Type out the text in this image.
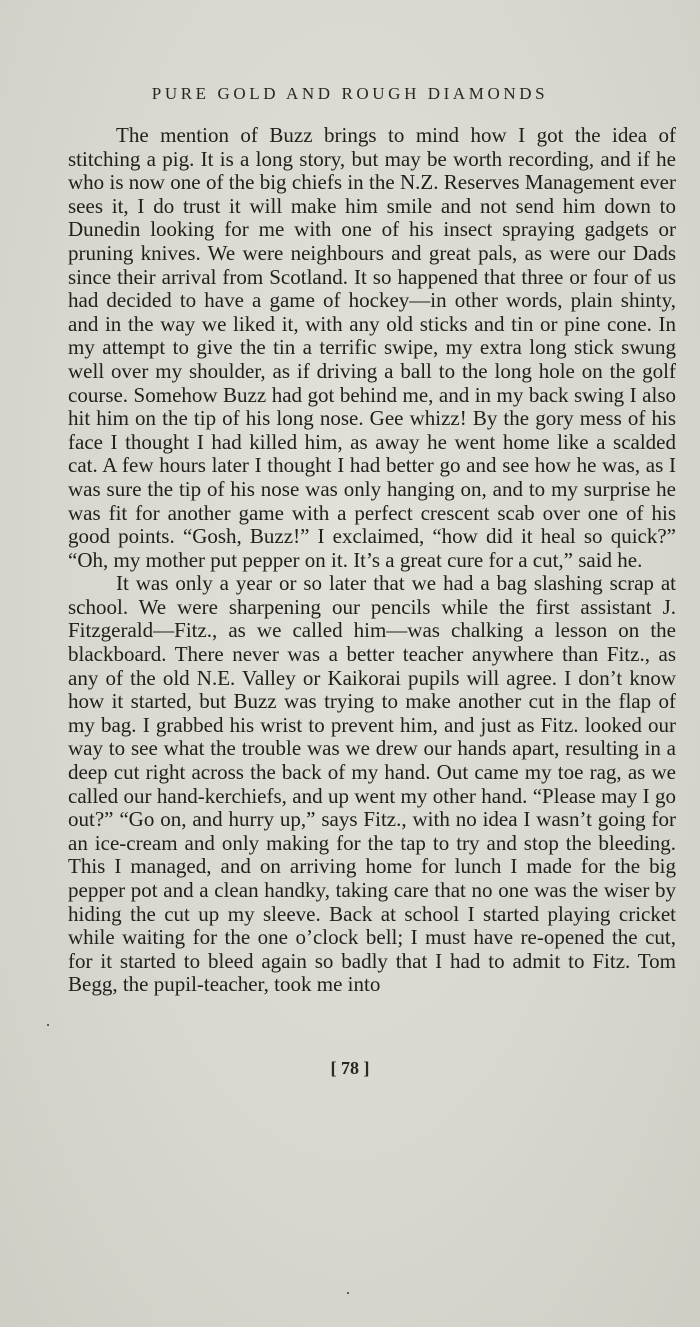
PURE GOLD AND ROUGH DIAMONDS

The mention of Buzz brings to mind how I got the idea of stitching a pig. It is a long story, but may be worth recording, and if he who is now one of the big chiefs in the N.Z. Reserves Management ever sees it, I do trust it will make him smile and not send him down to Dunedin looking for me with one of his insect spraying gadgets or pruning knives. We were neighbours and great pals, as were our Dads since their arrival from Scotland. It so happened that three or four of us had decided to have a game of hockey—in other words, plain shinty, and in the way we liked it, with any old sticks and tin or pine cone. In my attempt to give the tin a terrific swipe, my extra long stick swung well over my shoulder, as if driving a ball to the long hole on the golf course. Somehow Buzz had got behind me, and in my back swing I also hit him on the tip of his long nose. Gee whizz! By the gory mess of his face I thought I had killed him, as away he went home like a scalded cat. A few hours later I thought I had better go and see how he was, as I was sure the tip of his nose was only hanging on, and to my surprise he was fit for another game with a perfect crescent scab over one of his good points. “Gosh, Buzz!” I exclaimed, “how did it heal so quick?” “Oh, my mother put pepper on it. It’s a great cure for a cut,” said he.

It was only a year or so later that we had a bag slashing scrap at school. We were sharpening our pencils while the first assistant J. Fitzgerald—Fitz., as we called him—was chalking a lesson on the blackboard. There never was a better teacher anywhere than Fitz., as any of the old N.E. Valley or Kaikorai pupils will agree. I don’t know how it started, but Buzz was trying to make another cut in the flap of my bag. I grabbed his wrist to prevent him, and just as Fitz. looked our way to see what the trouble was we drew our hands apart, resulting in a deep cut right across the back of my hand. Out came my toe rag, as we called our hand-kerchiefs, and up went my other hand. “Please may I go out?” “Go on, and hurry up,” says Fitz., with no idea I wasn’t going for an ice-cream and only making for the tap to try and stop the bleeding. This I managed, and on arriving home for lunch I made for the big pepper pot and a clean handky, taking care that no one was the wiser by hiding the cut up my sleeve. Back at school I started playing cricket while waiting for the one o’clock bell; I must have re-opened the cut, for it started to bleed again so badly that I had to admit to Fitz. Tom Begg, the pupil-teacher, took me into

[ 78 ]
